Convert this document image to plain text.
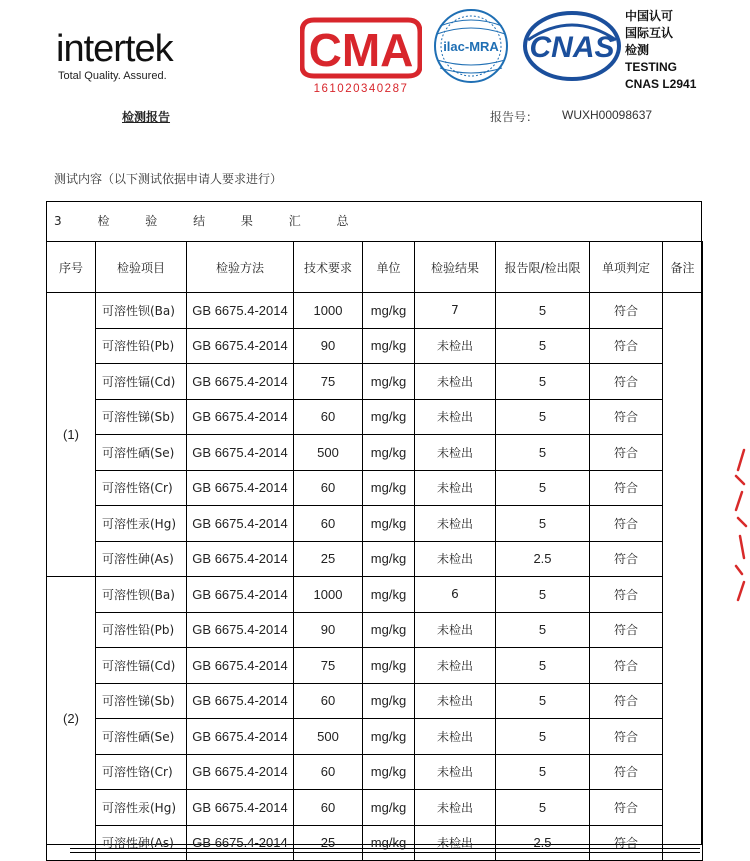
intertek
Total Quality. Assured.	CMA
161020340287
ilac-MRA CNAS
中国认可
国际互认
检测
TESTING
CNAS L2941
检测报告	报告号： WUXH00098637
测试内容（以下测试依据申请人要求进行）
3 检 验 结 果 汇 总
序号	检验项目	检验方法	技术要求	单位	检验结果	报告限/检出限	单项判定	备注
(1)	可溶性钡(Ba)	GB 6675.4-2014	1000	mg/kg	7	5	符合	
	可溶性铅(Pb)	GB 6675.4-2014	90	mg/kg	未检出	5	符合	
	可溶性镉(Cd)	GB 6675.4-2014	75	mg/kg	未检出	5	符合	
	可溶性锑(Sb)	GB 6675.4-2014	60	mg/kg	未检出	5	符合	
	可溶性硒(Se)	GB 6675.4-2014	500	mg/kg	未检出	5	符合	
	可溶性铬(Cr)	GB 6675.4-2014	60	mg/kg	未检出	5	符合	
	可溶性汞(Hg)	GB 6675.4-2014	60	mg/kg	未检出	5	符合	
	可溶性砷(As)	GB 6675.4-2014	25	mg/kg	未检出	2.5	符合	
(2)	可溶性钡(Ba)	GB 6675.4-2014	1000	mg/kg	6	5	符合	
	可溶性铅(Pb)	GB 6675.4-2014	90	mg/kg	未检出	5	符合	
	可溶性镉(Cd)	GB 6675.4-2014	75	mg/kg	未检出	5	符合	
	可溶性锑(Sb)	GB 6675.4-2014	60	mg/kg	未检出	5	符合	
	可溶性硒(Se)	GB 6675.4-2014	500	mg/kg	未检出	5	符合	
	可溶性铬(Cr)	GB 6675.4-2014	60	mg/kg	未检出	5	符合	
	可溶性汞(Hg)	GB 6675.4-2014	60	mg/kg	未检出	5	符合	
	可溶性砷(As)	GB 6675.4-2014	25	mg/kg	未检出	2.5	符合	
